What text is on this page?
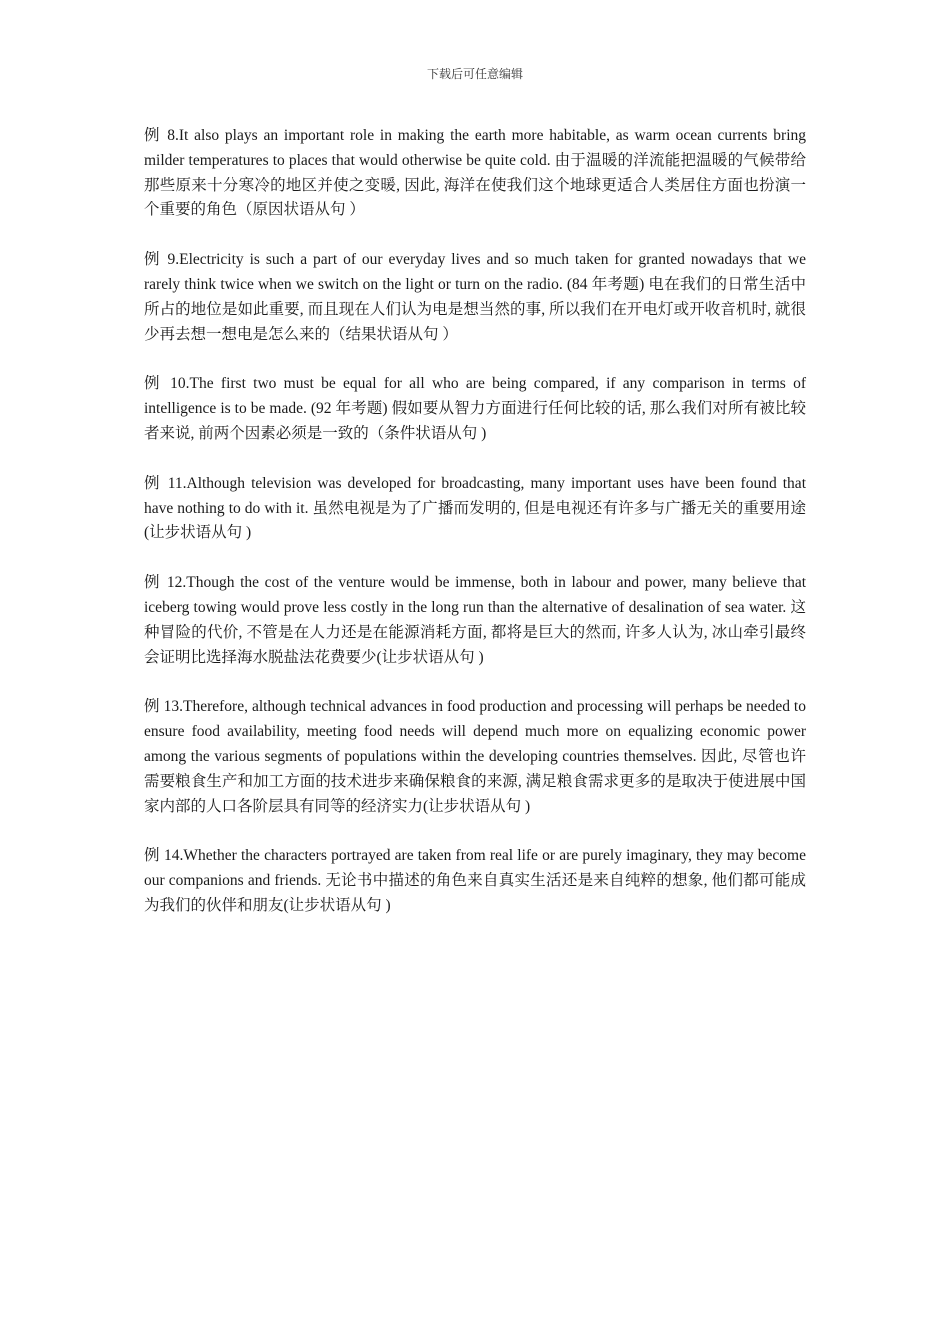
下载后可任意编辑

例 8.It also plays an important role in making the earth more habitable, as warm ocean currents bring milder temperatures to places that would otherwise be quite cold. 由于温暖的洋流能把温暖的气候带给那些原来十分寒冷的地区并使之变暖, 因此, 海洋在使我们这个地球更适合人类居住方面也扮演一个重要的角色（原因状语从句 ）

例 9.Electricity is such a part of our everyday lives and so much taken for granted nowadays that we rarely think twice when we switch on the light or turn on the radio. (84 年考题) 电在我们的日常生活中所占的地位是如此重要, 而且现在人们认为电是想当然的事, 所以我们在开电灯或开收音机时, 就很少再去想一想电是怎么来的（结果状语从句 ）

例 10.The first two must be equal for all who are being compared, if any comparison in terms of intelligence is to be made. (92 年考题) 假如要从智力方面进行任何比较的话, 那么我们对所有被比较者来说, 前两个因素必须是一致的（条件状语从句 )

例 11.Although television was developed for broadcasting, many important uses have been found that have nothing to do with it. 虽然电视是为了广播而发明的, 但是电视还有许多与广播无关的重要用途(让步状语从句 )

例 12.Though the cost of the venture would be immense, both in labour and power, many believe that iceberg towing would prove less costly in the long run than the alternative of desalination of sea water. 这种冒险的代价, 不管是在人力还是在能源消耗方面, 都将是巨大的然而, 许多人认为, 冰山牵引最终会证明比选择海水脱盐法花费要少(让步状语从句 )

例 13.Therefore, although technical advances in food production and processing will perhaps be needed to ensure food availability, meeting food needs will depend much more on equalizing economic power among the various segments of populations within the developing countries themselves. 因此, 尽管也许需要粮食生产和加工方面的技术进步来确保粮食的来源, 满足粮食需求更多的是取决于使进展中国家内部的人口各阶层具有同等的经济实力(让步状语从句 )

例 14.Whether the characters portrayed are taken from real life or are purely imaginary, they may become our companions and friends. 无论书中描述的角色来自真实生活还是来自纯粹的想象, 他们都可能成为我们的伙伴和朋友(让步状语从句 )
